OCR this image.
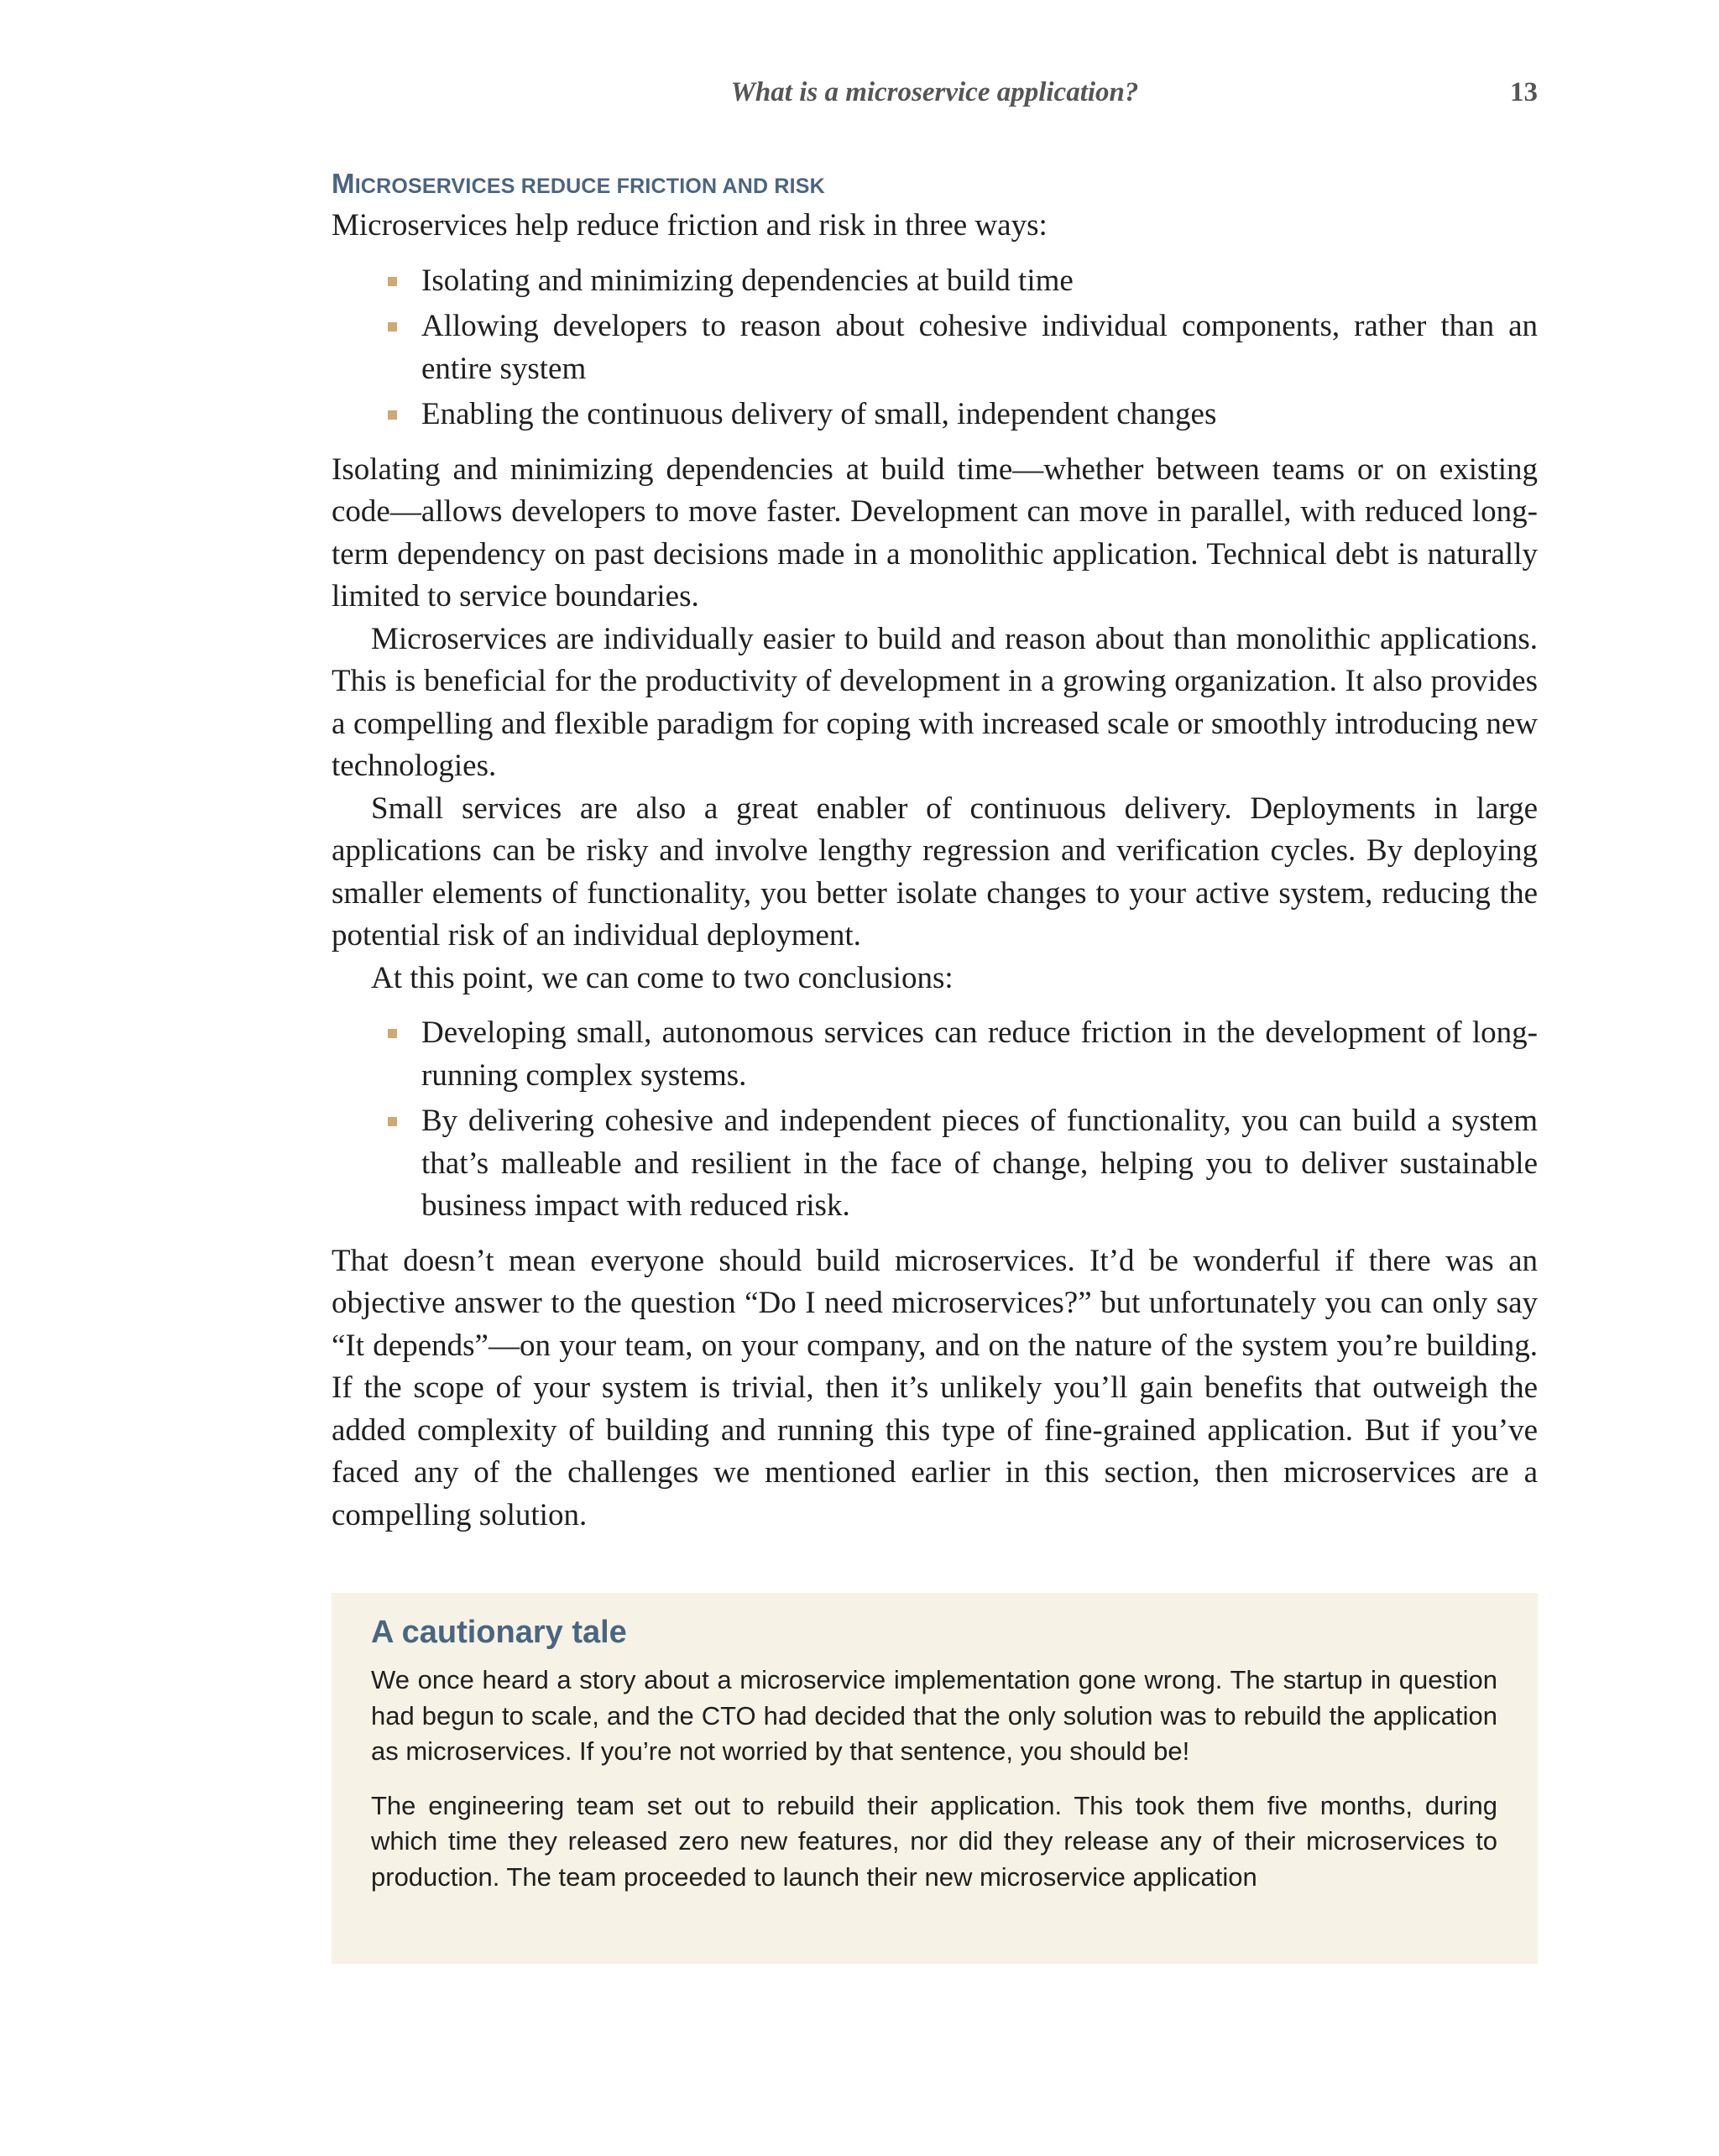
What is a microservice application?	13
MICROSERVICES REDUCE FRICTION AND RISK

Microservices help reduce friction and risk in three ways:

Isolating and minimizing dependencies at build time
Allowing developers to reason about cohesive individual components, rather than an entire system
Enabling the continuous delivery of small, independent changes

Isolating and minimizing dependencies at build time—whether between teams or on existing code—allows developers to move faster. Development can move in parallel, with reduced long-term dependency on past decisions made in a monolithic application. Technical debt is naturally limited to service boundaries.

Microservices are individually easier to build and reason about than monolithic applications. This is beneficial for the productivity of development in a growing organization. It also provides a compelling and flexible paradigm for coping with increased scale or smoothly introducing new technologies.

Small services are also a great enabler of continuous delivery. Deployments in large applications can be risky and involve lengthy regression and verification cycles. By deploying smaller elements of functionality, you better isolate changes to your active system, reducing the potential risk of an individual deployment.

At this point, we can come to two conclusions:

Developing small, autonomous services can reduce friction in the development of long-running complex systems.
By delivering cohesive and independent pieces of functionality, you can build a system that’s malleable and resilient in the face of change, helping you to deliver sustainable business impact with reduced risk.

That doesn’t mean everyone should build microservices. It’d be wonderful if there was an objective answer to the question “Do I need microservices?” but unfortunately you can only say “It depends”—on your team, on your company, and on the nature of the system you’re building. If the scope of your system is trivial, then it’s unlikely you’ll gain benefits that outweigh the added complexity of building and running this type of fine-grained application. But if you’ve faced any of the challenges we mentioned earlier in this section, then microservices are a compelling solution.

A cautionary tale
We once heard a story about a microservice implementation gone wrong. The startup in question had begun to scale, and the CTO had decided that the only solution was to rebuild the application as microservices. If you’re not worried by that sentence, you should be!
The engineering team set out to rebuild their application. This took them five months, during which time they released zero new features, nor did they release any of their microservices to production. The team proceeded to launch their new microservice application
